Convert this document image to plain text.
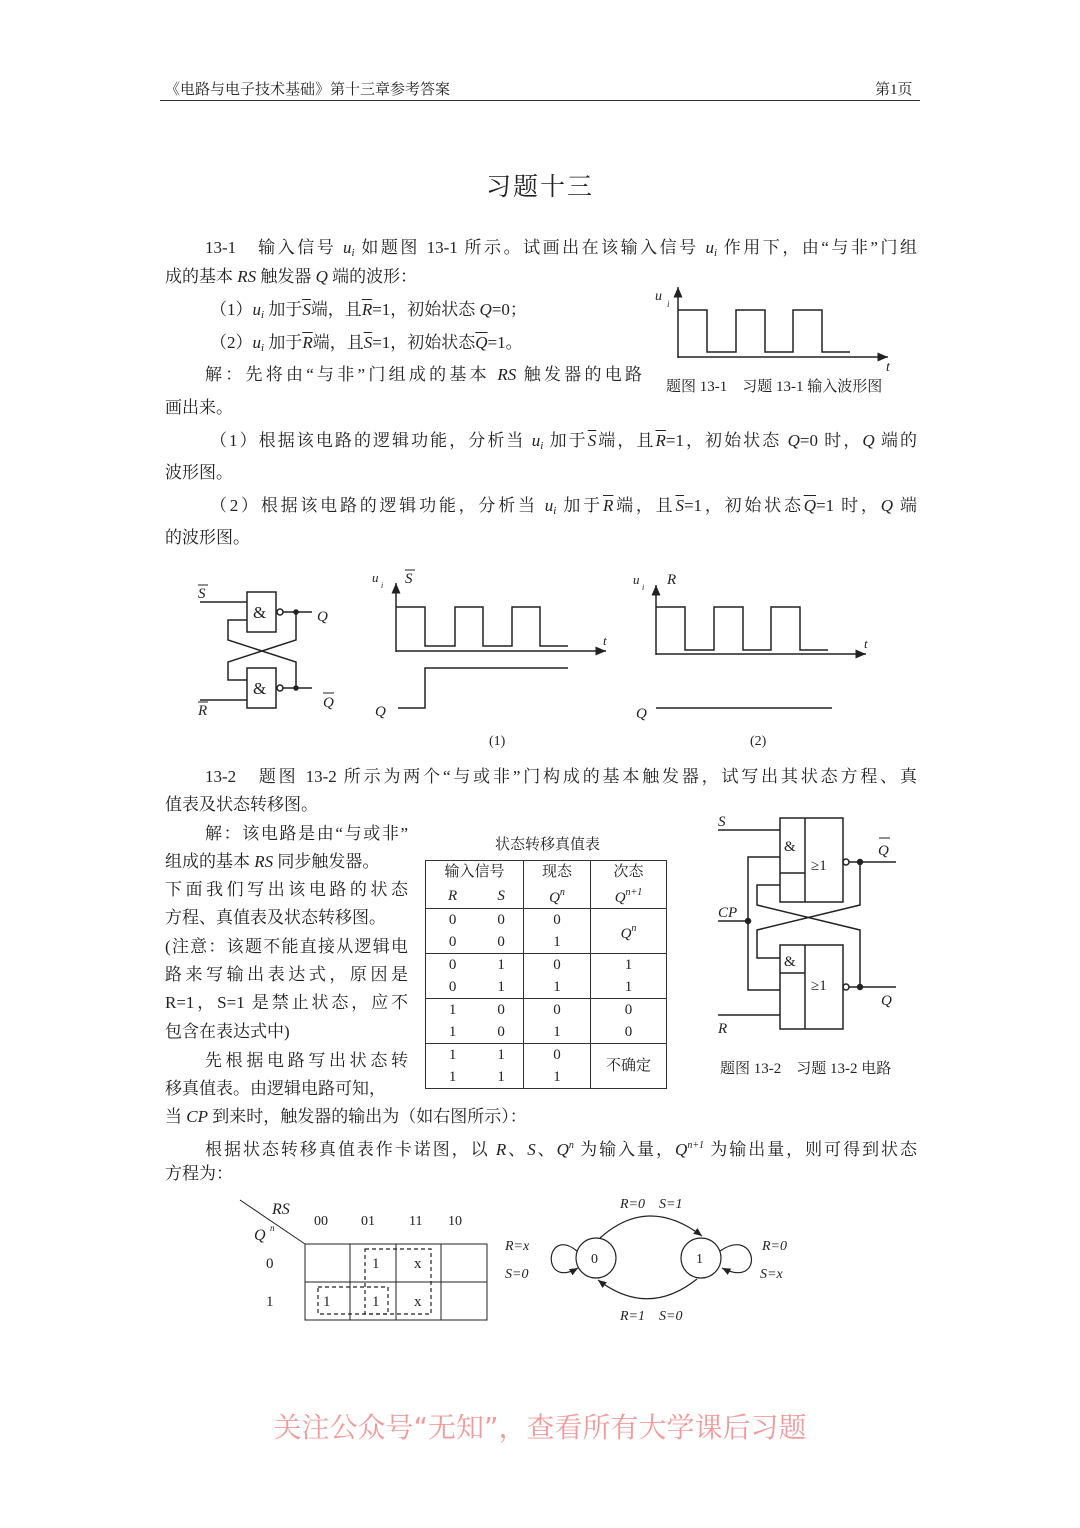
《电路与电子技术基础》第十三章参考答案	第1页
习题十三
13-1　输入信号 $u_i$ 如题图 13-1 所示。试画出在该输入信号 $u_i$ 作用下，由“与非”门组
成的基本 RS 触发器 Q 端的波形：
$(1)u_i$ 加于$\overline{S}$端，且$\overline{R}=1$，初始状态 Q=0；
$(2)u_i$ 加于$\overline{R}$端，且$\overline{S}=1$，初始状态$\overline{Q}=1$。
解：先将由“与非”门组成的基本 RS 触发器的电路
画出来。
（1）根据该电路的逻辑功能，分析当 $u_i$ 加于$\overline{S}$端，且$\overline{R}=1$，初始状态 Q=0 时，Q 端的
波形图。
（2）根据该电路的逻辑功能，分析当 $u_i$ 加于$\overline{R}$端，且$\overline{S}=1$，初始状态$\overline{Q}=1$ 时，Q 端
的波形图。
13-2　题图 13-2 所示为两个“与或非”门构成的基本触发器，试写出其状态方程、真
值表及状态转移图。
解：该电路是由“与或非”
组成的基本 RS 同步触发器。
下面我们写出该电路的状态
方程、真值表及状态转移图。
(注意：该题不能直接从逻辑电
路来写输出表达式，原因是
R=1，S=1 是禁止状态，应不
包含在表达式中)
先根据电路写出状态转
移真值表。由逻辑电路可知，
当 CP 到来时，触发器的输出为（如右图所示）：
根据状态转移真值表作卡诺图，以 R、S、$Q^n$ 为输入量，$Q^{n+1}$ 为输出量，则可得到状态
方程为：
状态转移真值表
输入信号		现态	次态
R	S	$Q^n$	$Q^{n+1}$
0	0	0	$Q^n$
0	0	1	
0	1	0	1
0	1	1	1
1	0	0	0
1	0	1	0
1	1	0	不确定
1	1	1	
u i
t
题图 13-1　习题 13-1 输入波形图
&
&
S
R
Q
Q
u
i S
t
Q
(1)
u
i R
t
Q
(2)
&
≥1
&
≥1
S
CP
R
Q
Q
题图 13-2　习题 13-2 电路
RS
Q n	00 01 11 10
0
1
1 x
1	1 x
0	1
R=0　S=1
R=1　S=0
R=x
S=0
R=0
S=x
关注公众号“无知”，查看所有大学课后习题
